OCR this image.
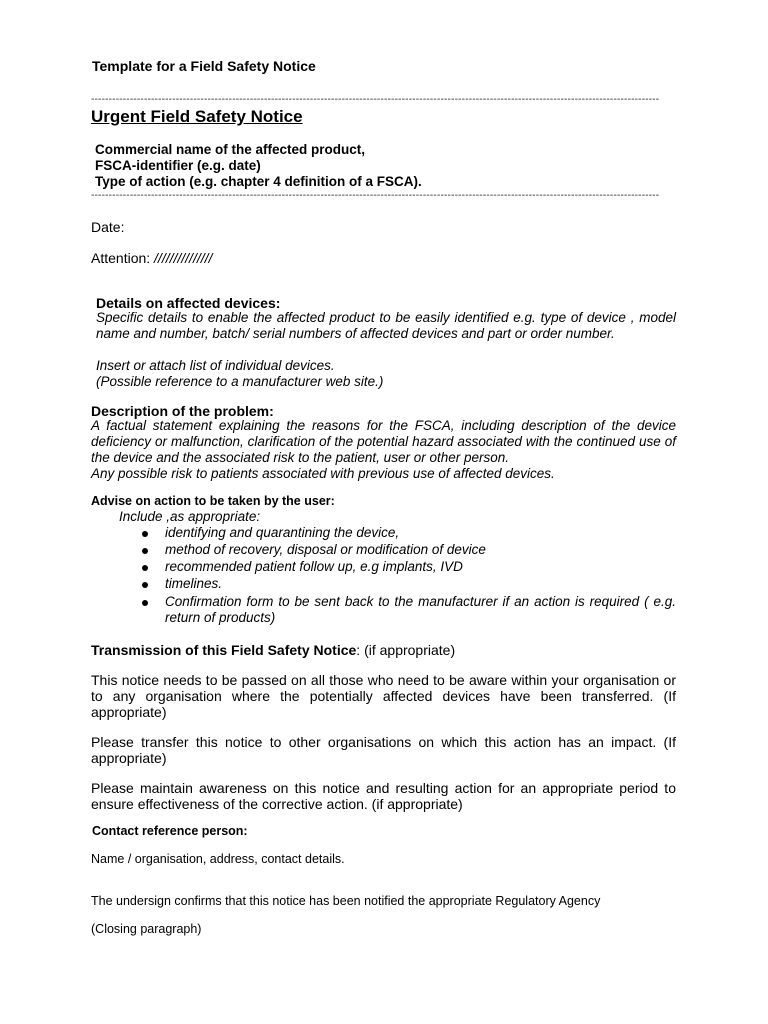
Template for a Field Safety Notice
-----------------------------------------------------------------------------------------------------------------------------------------------------------------
Urgent Field Safety Notice
Commercial name of the affected product,
FSCA-identifier (e.g. date)
Type of action (e.g. chapter 4 definition of a FSCA).
-----------------------------------------------------------------------------------------------------------------------------------------------------------------
Date:
Attention: ///////////////
Details on affected devices:
Specific details to enable the affected product to be easily identified e.g. type of device , model name and number, batch/ serial numbers of affected devices and part or order number.
Insert or attach list of individual devices.
(Possible reference to a manufacturer web site.)
Description of the problem:
A factual statement explaining the reasons for the FSCA, including description of the device deficiency or malfunction, clarification of the potential hazard associated with the continued use of the device and the associated risk to the patient, user or other person.
Any possible risk to patients associated with previous use of affected devices.
Advise on action to be taken by the user:
Include ,as appropriate:
identifying and quarantining the device,
method of recovery, disposal or modification of device
recommended patient follow up, e.g implants, IVD
timelines.
Confirmation form to be sent back to the manufacturer if an action is required ( e.g. return of products)
Transmission of this Field Safety Notice: (if appropriate)
This notice needs to be passed on all those who need to be aware within your organisation or to any organisation where the potentially affected devices have been transferred. (If appropriate)
Please transfer this notice to other organisations on which this action has an impact. (If appropriate)
Please maintain awareness on this notice and resulting action for an appropriate period to ensure effectiveness of the corrective action. (if appropriate)
Contact reference person:
Name / organisation, address, contact details.
The undersign confirms that this notice has been notified the appropriate Regulatory Agency
(Closing paragraph)
